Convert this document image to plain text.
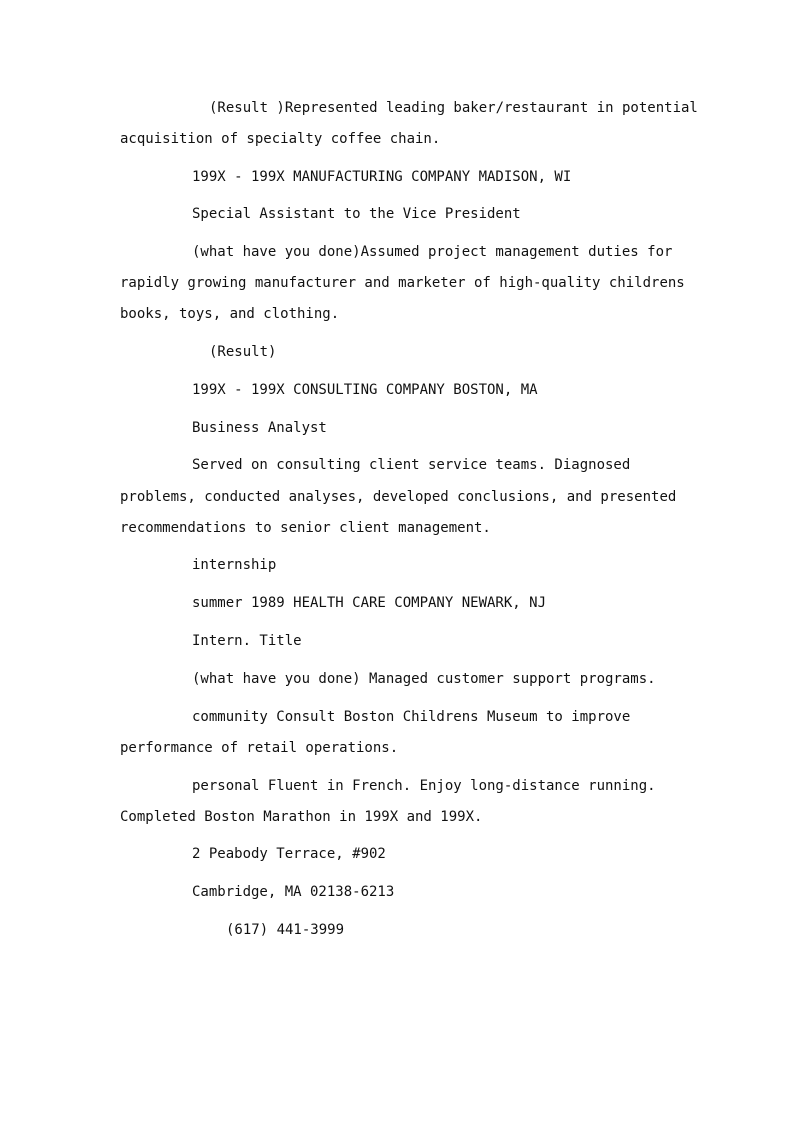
(Result )Represented leading baker/restaurant in potential
acquisition of specialty coffee chain.
199X - 199X MANUFACTURING COMPANY MADISON, WI
Special Assistant to the Vice President
(what have you done)Assumed project management duties for
rapidly growing manufacturer and marketer of high-quality childrens
books, toys, and clothing.
(Result)
199X - 199X CONSULTING COMPANY BOSTON, MA
Business Analyst
Served on consulting client service teams. Diagnosed
problems, conducted analyses, developed conclusions, and presented
recommendations to senior client management.
internship
summer 1989 HEALTH CARE COMPANY NEWARK, NJ
Intern. Title
(what have you done) Managed customer support programs.
community Consult Boston Childrens Museum to improve
performance of retail operations.
personal Fluent in French. Enjoy long-distance running.
Completed Boston Marathon in 199X and 199X.
2 Peabody Terrace, #902
Cambridge, MA 02138-6213
(617) 441-3999
